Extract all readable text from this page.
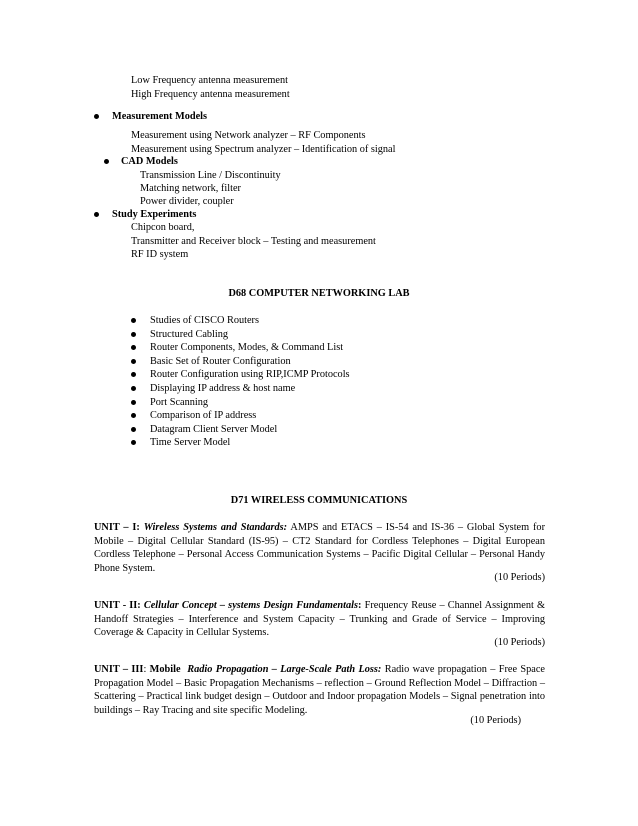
Low Frequency antenna measurement
High Frequency antenna measurement
Measurement Models
Measurement using Network analyzer – RF Components
Measurement using Spectrum analyzer – Identification of signal
CAD Models
Transmission Line / Discontinuity
Matching network, filter
Power divider, coupler
Study Experiments
Chipcon board,
Transmitter and Receiver block – Testing and measurement
RF ID system
D68 COMPUTER NETWORKING LAB
Studies of CISCO Routers
Structured Cabling
Router Components, Modes, & Command List
Basic Set of Router Configuration
Router Configuration using RIP,ICMP Protocols
Displaying IP address & host name
Port Scanning
Comparison of IP address
Datagram Client Server Model
Time Server Model
D71 WIRELESS COMMUNICATIONS
UNIT – I: Wireless Systems and Standards: AMPS and ETACS – IS-54 and IS-36 – Global System for Mobile – Digital Cellular Standard (IS-95) – CT2 Standard for Cordless Telephones – Digital European Cordless Telephone – Personal Access Communication Systems – Pacific Digital Cellular – Personal Handy Phone System.
(10 Periods)
UNIT - II: Cellular Concept – systems Design Fundamentals: Frequency Reuse – Channel Assignment & Handoff Strategies – Interference and System Capacity – Trunking and Grade of Service – Improving Coverage & Capacity in Cellular Systems.
(10 Periods)
UNIT – III: Mobile Radio Propagation – Large-Scale Path Loss: Radio wave propagation – Free Space Propagation Model – Basic Propagation Mechanisms – reflection – Ground Reflection Model – Diffraction – Scattering – Practical link budget design – Outdoor and Indoor propagation Models – Signal penetration into buildings – Ray Tracing and site specific Modeling.
(10 Periods)
